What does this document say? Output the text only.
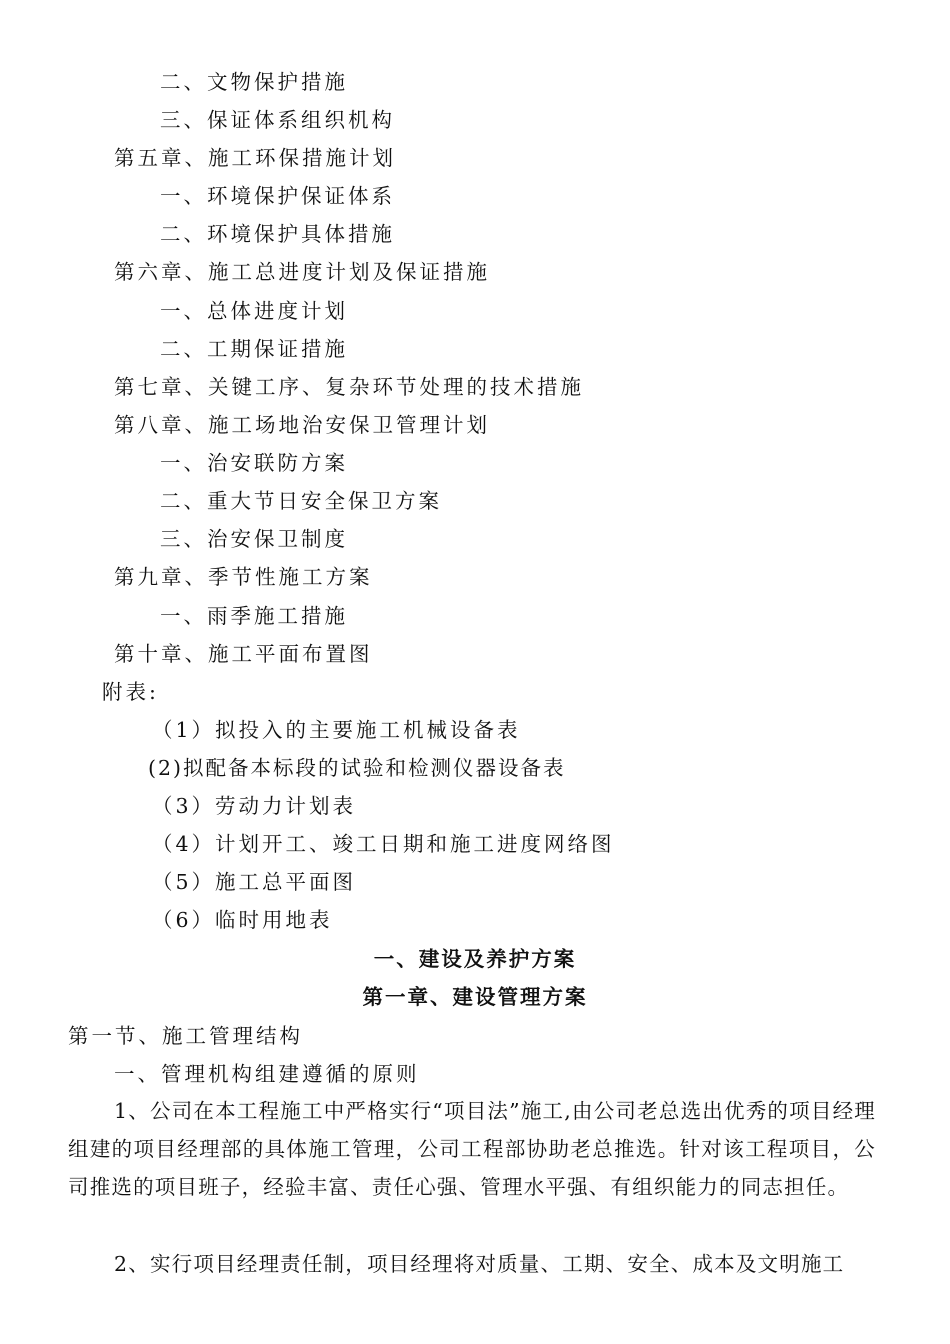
二、文物保护措施
三、保证体系组织机构
第五章、施工环保措施计划
一、环境保护保证体系
二、环境保护具体措施
第六章、施工总进度计划及保证措施
一、总体进度计划
二、工期保证措施
第七章、关键工序、复杂环节处理的技术措施
第八章、施工场地治安保卫管理计划
一、治安联防方案
二、重大节日安全保卫方案
三、治安保卫制度
第九章、季节性施工方案
一、雨季施工措施
第十章、施工平面布置图
附表:
（1）拟投入的主要施工机械设备表
(2)拟配备本标段的试验和检测仪器设备表
（3）劳动力计划表
（4）计划开工、竣工日期和施工进度网络图
（5）施工总平面图
（6）临时用地表
一、建设及养护方案
第一章、建设管理方案
第一节、施工管理结构
一、管理机构组建遵循的原则
1、公司在本工程施工中严格实行“项目法”施工,由公司老总选出优秀的项目经理组建的项目经理部的具体施工管理，公司工程部协助老总推选。针对该工程项目，公司推选的项目班子，经验丰富、责任心强、管理水平强、有组织能力的同志担任。
2、实行项目经理责任制，项目经理将对质量、工期、安全、成本及文明施工
